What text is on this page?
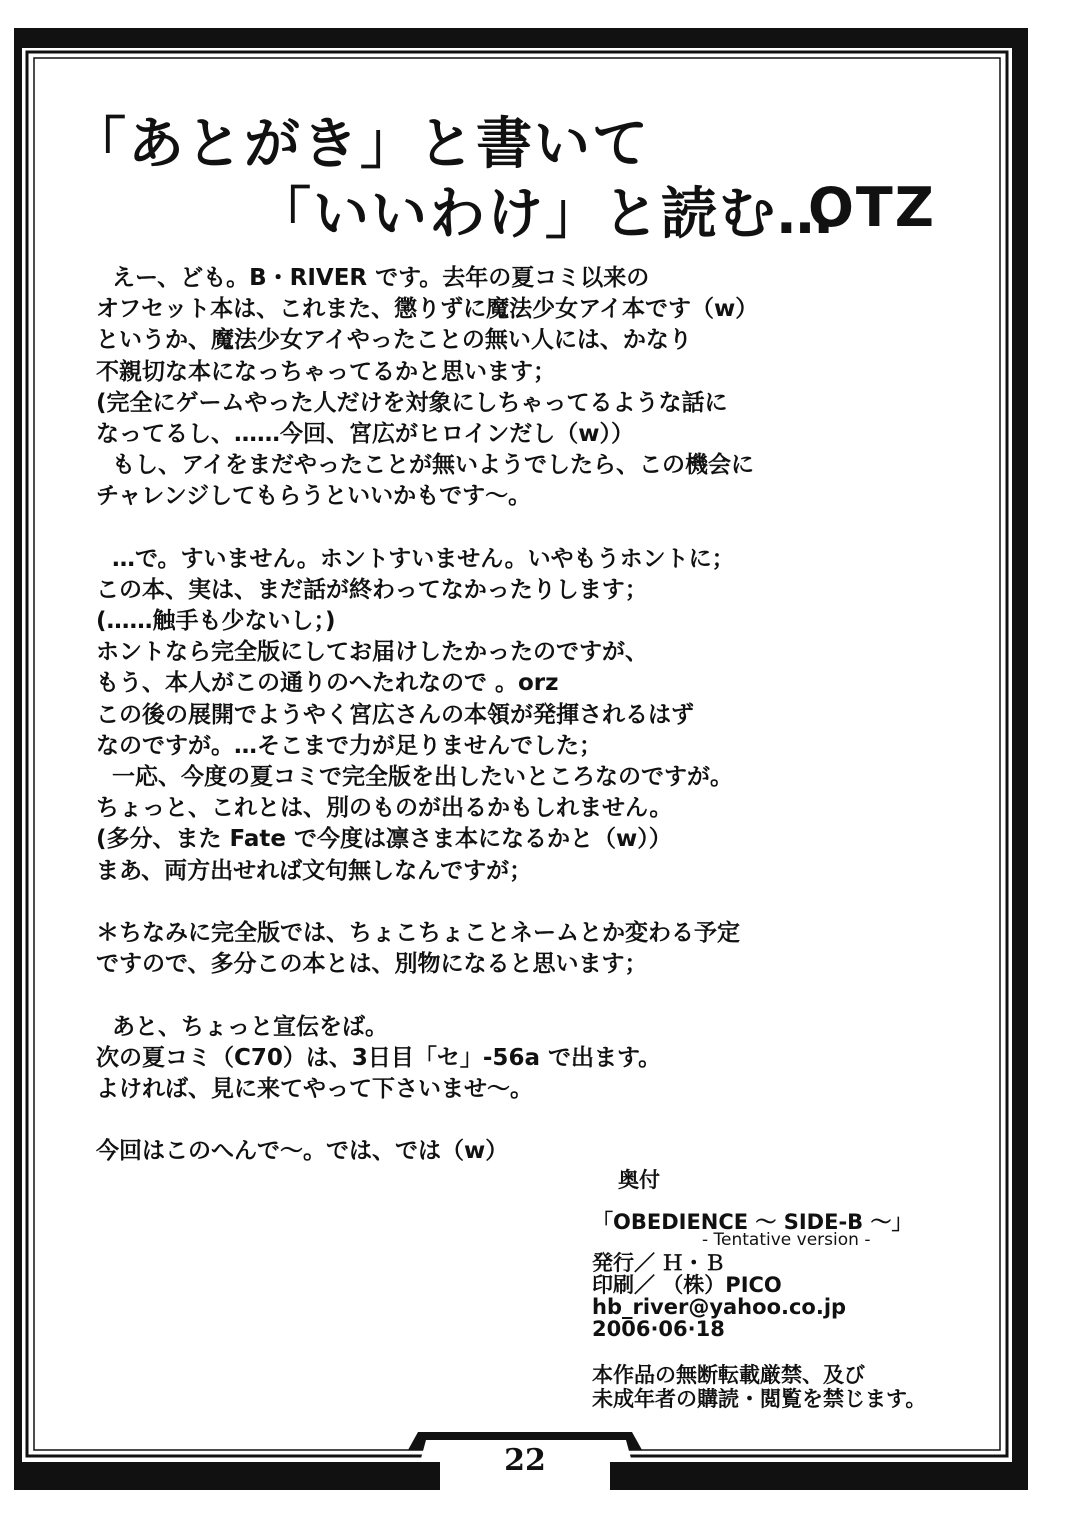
「あとがき」と書いて
「いいわけ」と読む…
OTZ
えー、ども。B・RIVER です。去年の夏コミ以来の
オフセット本は、これまた、懲りずに魔法少女アイ本です（w）
というか、魔法少女アイやったことの無い人には、かなり
不親切な本になっちゃってるかと思います；
(完全にゲームやった人だけを対象にしちゃってるような話に
なってるし、……今回、宮広がヒロインだし（w））
もし、アイをまだやったことが無いようでしたら、この機会に
チャレンジしてもらうといいかもです～。
…で。すいません。ホントすいません。いやもうホントに；
この本、実は、まだ話が終わってなかったりします；
(……触手も少ないし；)
ホントなら完全版にしてお届けしたかったのですが、
もう、本人がこの通りのへたれなので 。orz
この後の展開でようやく宮広さんの本領が発揮されるはず
なのですが。…そこまで力が足りませんでした；
一応、今度の夏コミで完全版を出したいところなのですが。
ちょっと、これとは、別のものが出るかもしれません。
(多分、また Fate で今度は凛さま本になるかと（w））
まあ、両方出せれば文句無しなんですが；
＊ちなみに完全版では、ちょこちょことネームとか変わる予定
ですので、多分この本とは、別物になると思います；
あと、ちょっと宣伝をば。
次の夏コミ（C70）は、3日目「セ」-56a で出ます。
よければ、見に来てやって下さいませ～。
今回はこのへんで～。では、では（w）
奥付
「OBEDIENCE ～ SIDE-B ～」
- Tentative version -
発行／ Ｈ・Ｂ
印刷／ （株）PICO
hb_river@yahoo.co.jp
2006·06·18
本作品の無断転載厳禁、及び
未成年者の購読・閲覧を禁じます。
22
